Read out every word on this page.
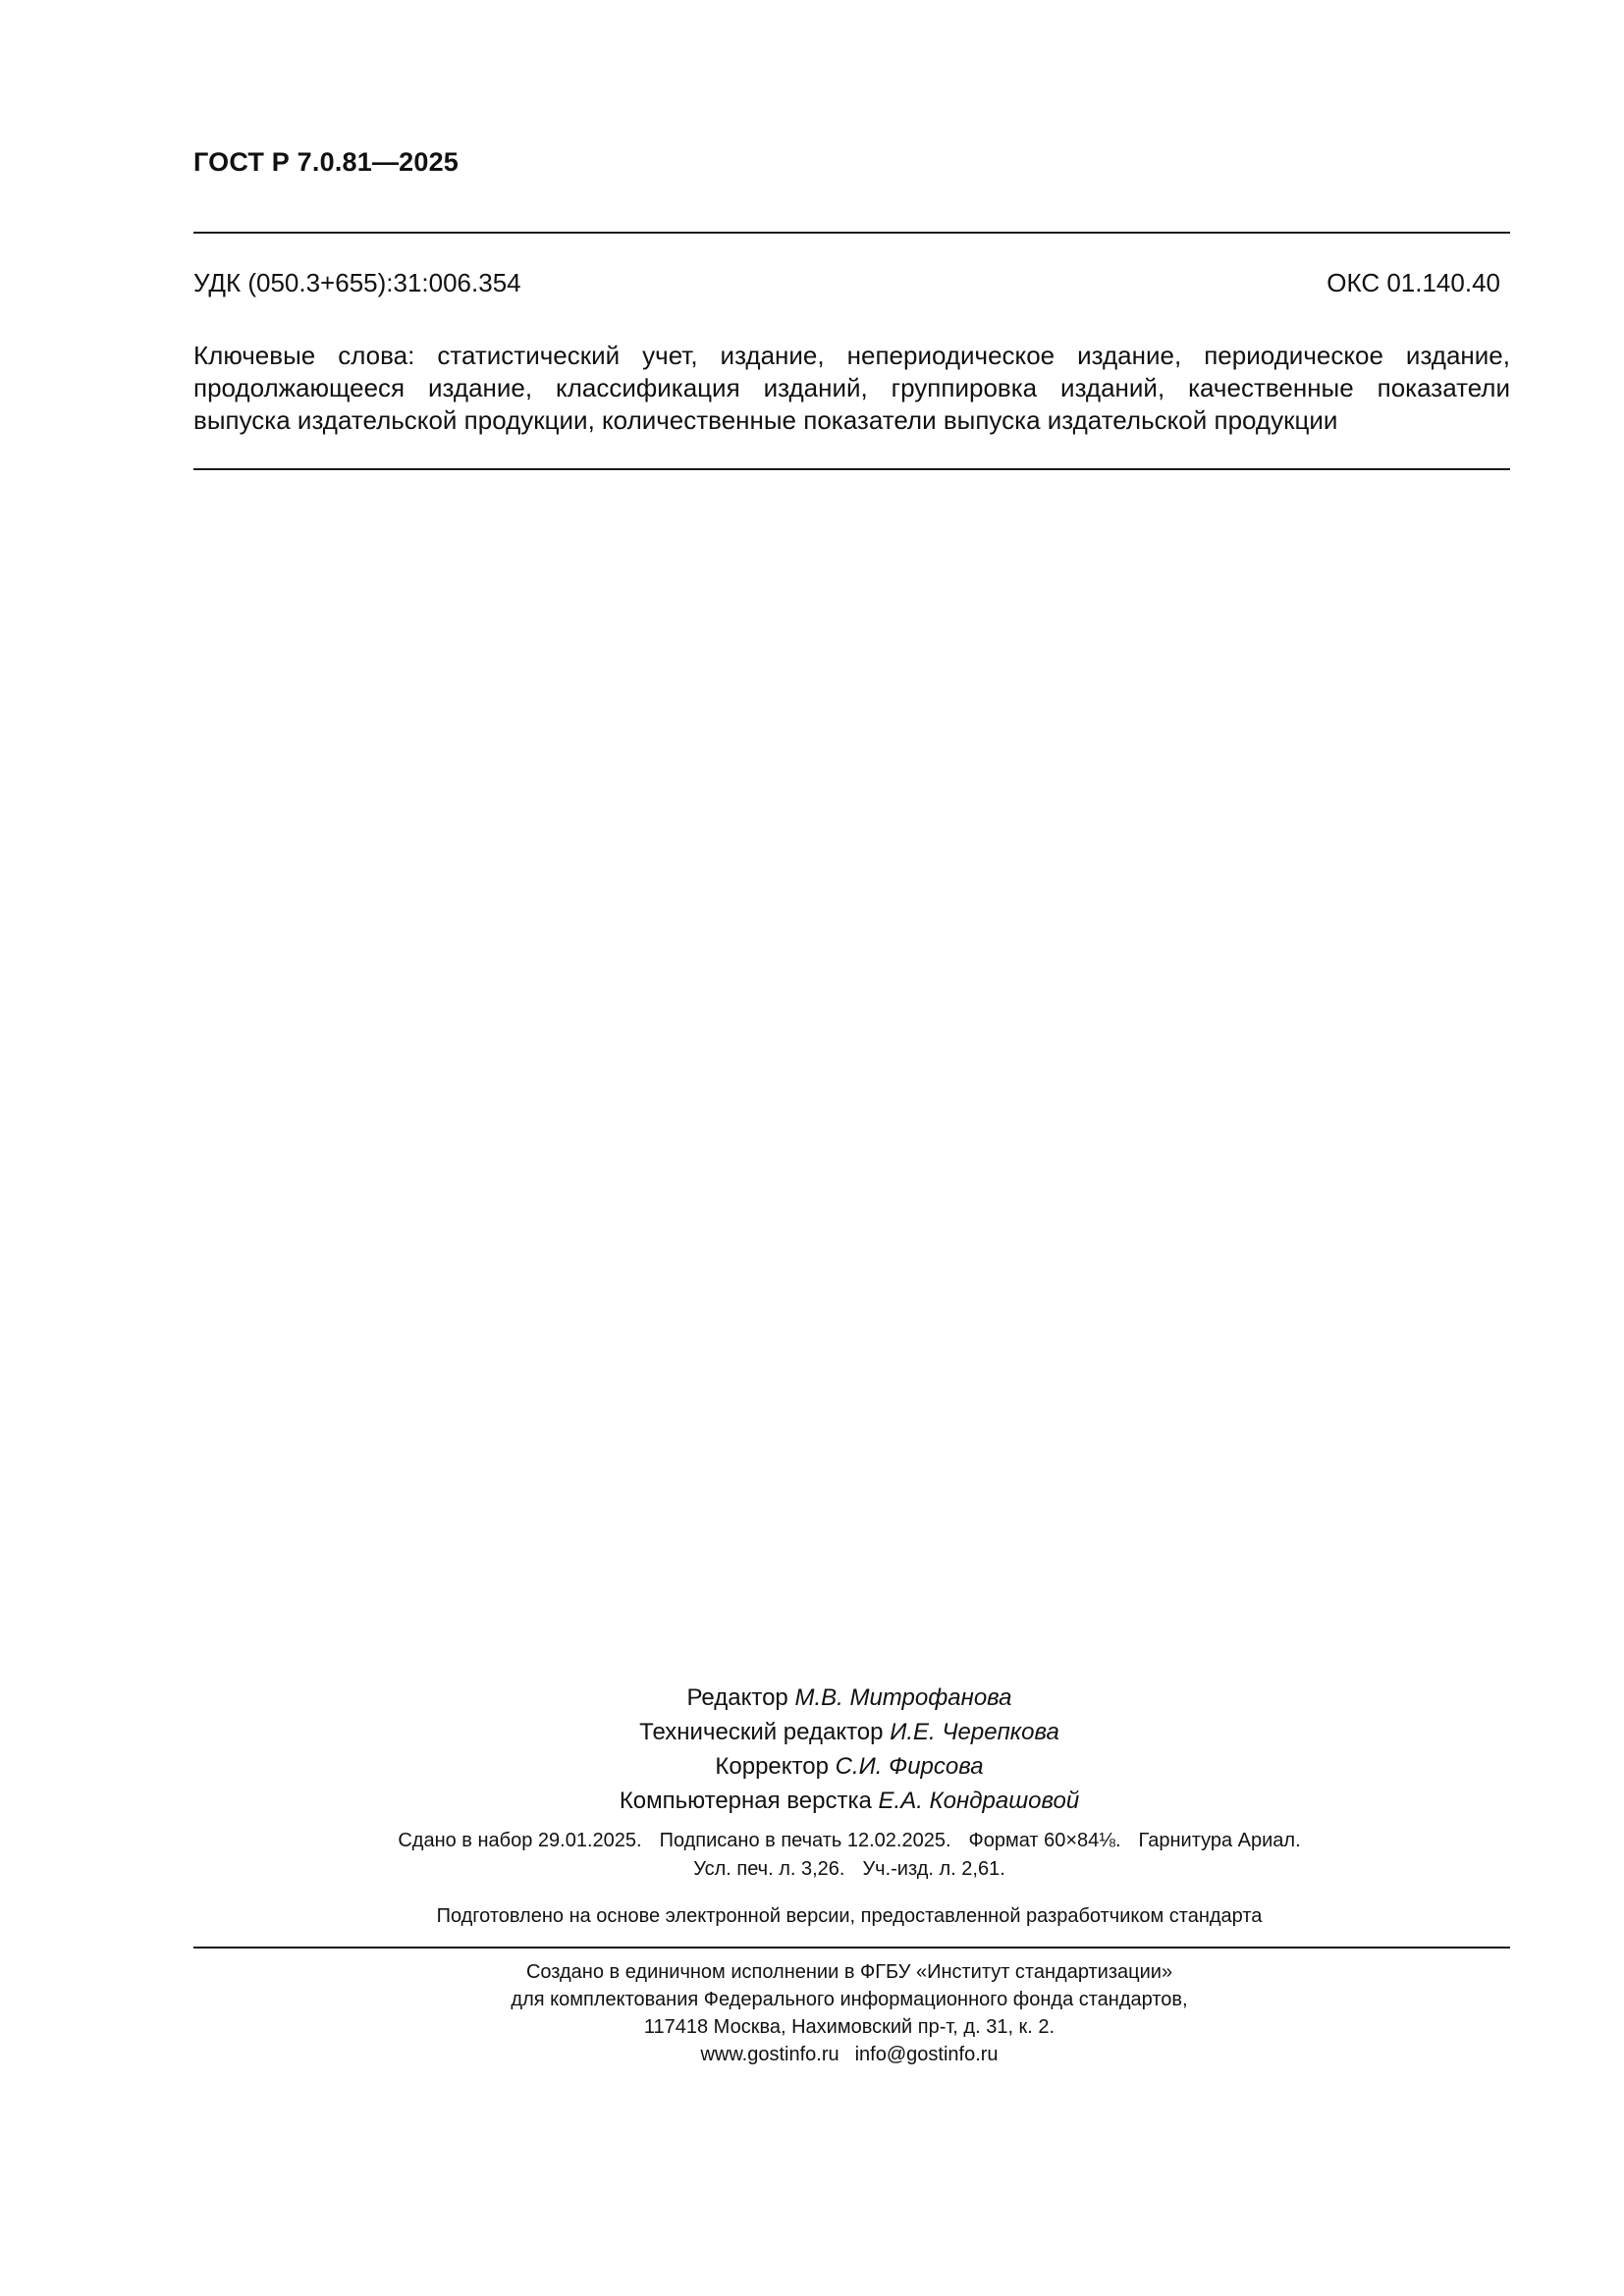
ГОСТ Р 7.0.81—2025
УДК (050.3+655):31:006.354	ОКС 01.140.40
Ключевые слова: статистический учет, издание, непериодическое издание, периодическое издание,
продолжающееся издание, классификация изданий, группировка изданий, качественные показатели
выпуска издательской продукции, количественные показатели выпуска издательской продукции
Редактор М.В. Митрофанова
Технический редактор И.Е. Черепкова
Корректор С.И. Фирсова
Компьютерная верстка Е.А. Кондрашовой
Сдано в набор 29.01.2025. Подписано в печать 12.02.2025. Формат 60×84⅛. Гарнитура Ариал.
Усл. печ. л. 3,26. Уч.-изд. л. 2,61.
Подготовлено на основе электронной версии, предоставленной разработчиком стандарта
Создано в единичном исполнении в ФГБУ «Институт стандартизации»
для комплектования Федерального информационного фонда стандартов,
117418 Москва, Нахимовский пр-т, д. 31, к. 2.
www.gostinfo.ru info@gostinfo.ru
